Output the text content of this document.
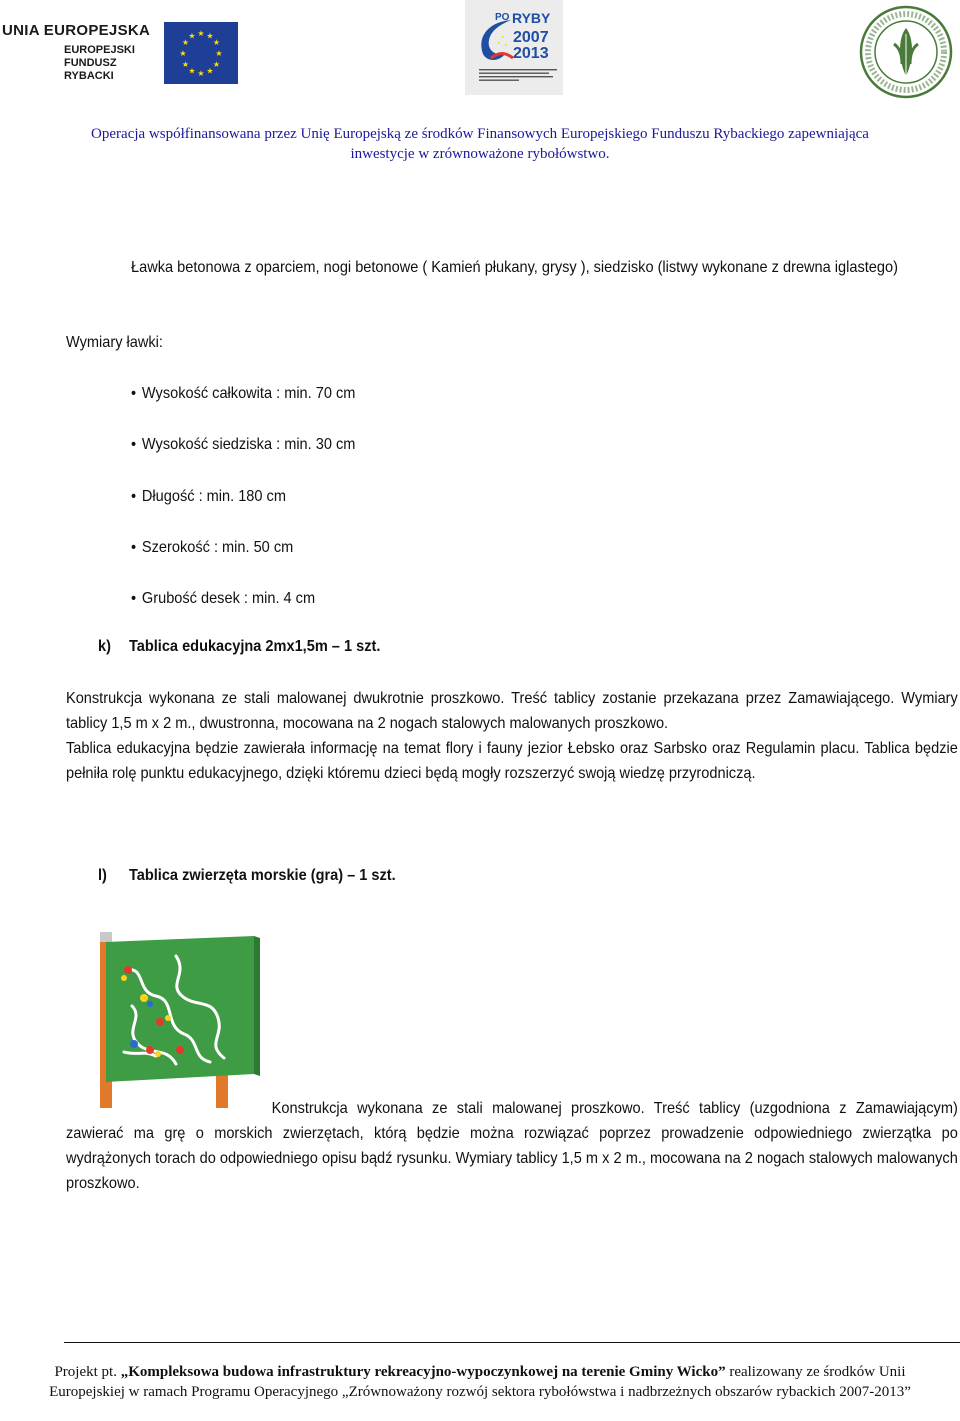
UNIA EUROPEJSKA
EUROPEJSKI
FUNDUSZ
RYBACKI
★ ★
★
★
★
★
★
★
★
★
★
★
★
★
★
PO RYBY
2007
2013
Operacja współfinansowana przez Unię Europejską ze środków Finansowych Europejskiego Funduszu Rybackiego zapewniająca
inwestycje w zrównoważone rybołówstwo.
Ławka betonowa z oparciem, nogi betonowe ( Kamień płukany, grysy ), siedzisko (listwy wykonane z drewna iglastego)
Wymiary ławki:
• Wysokość całkowita : min. 70 cm
• Wysokość siedziska : min. 30 cm
• Długość : min. 180 cm
• Szerokość : min. 50 cm
• Grubość desek : min. 4 cm
k) Tablica edukacyjna 2mx1,5m – 1 szt.
Konstrukcja wykonana ze stali malowanej dwukrotnie proszkowo. Treść tablicy zostanie przekazana przez Zamawiającego. Wymiary tablicy 1,5 m x 2 m., dwustronna, mocowana na 2 nogach stalowych malowanych proszkowo.
Tablica edukacyjna będzie zawierała informację na temat flory i fauny jezior Łebsko oraz Sarbsko oraz Regulamin placu. Tablica będzie pełniła rolę punktu edukacyjnego, dzięki któremu dzieci będą mogły rozszerzyć swoją wiedzę przyrodniczą.
l) Tablica zwierzęta morskie (gra) – 1 szt.
Konstrukcja wykonana ze stali malowanej proszkowo. Treść tablicy (uzgodniona z Zamawiającym) zawierać ma grę o morskich zwierzętach, którą będzie można rozwiązać poprzez prowadzenie odpowiedniego zwierzątka po wydrążonych torach do odpowiedniego opisu bądź rysunku. Wymiary tablicy 1,5 m x 2 m., mocowana na 2 nogach stalowych malowanych proszkowo.
Projekt pt. „Kompleksowa budowa infrastruktury rekreacyjno-wypoczynkowej na terenie Gminy Wicko” realizowany ze środków Unii Europejskiej w ramach Programu Operacyjnego „Zrównoważony rozwój sektora rybołówstwa i nadbrzeżnych obszarów rybackich 2007-2013”
